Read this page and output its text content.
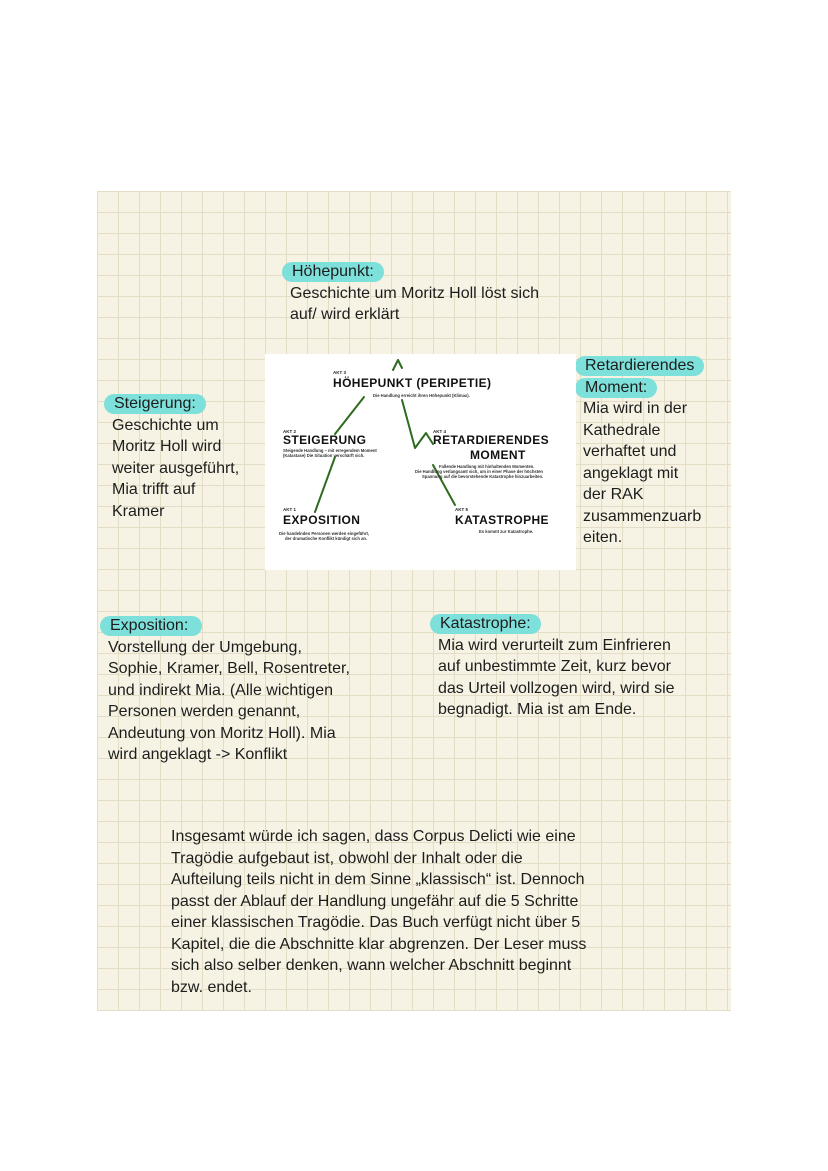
Höhepunkt:
Geschichte um Moritz Holl löst sich
auf/ wird erklärt
Steigerung:
Geschichte um
Moritz Holl wird
weiter ausgeführt,
Mia trifft auf
Kramer
Retardierendes
Moment:
Mia wird in der
Kathedrale
verhaftet und
angeklagt mit
der RAK
zusammenzuarb
eiten.
Exposition:
Vorstellung der Umgebung,
Sophie, Kramer, Bell, Rosentreter,
und indirekt Mia. (Alle wichtigen
Personen werden genannt,
Andeutung von Moritz Holl). Mia
wird angeklagt -> Konflikt
Katastrophe:
Mia wird verurteilt zum Einfrieren
auf unbestimmte Zeit, kurz bevor
das Urteil vollzogen wird, wird sie
begnadigt. Mia ist am Ende.
AKT 3
HÖHEPUNKT (PERIPETIE)
Die Handlung erreicht ihren Höhepunkt (Klimax).
AKT 2
STEIGERUNG
Steigende Handlung – mit erregendem Moment
(Katastase) Die Situation verschärft sich.
AKT 4
RETARDIERENDES
MOMENT
Fallende Handlung mit hinhaltenden Momenten.
Die Handlung verlangsamt sich, um in einer Phase der höchsten
Spannung auf die bevorstehende Katastrophe hinzuarbeiten.
AKT 1
EXPOSITION
Die handelnden Personen werden eingeführt,
der dramatische Konflikt kündigt sich an.
AKT 5
KATASTROPHE
Es kommt zur Katastrophe.
Insgesamt würde ich sagen, dass Corpus Delicti wie eine
Tragödie aufgebaut ist, obwohl der Inhalt oder die
Aufteilung teils nicht in dem Sinne „klassisch“ ist. Dennoch
passt der Ablauf der Handlung ungefähr auf die 5 Schritte
einer klassischen Tragödie. Das Buch verfügt nicht über 5
Kapitel, die die Abschnitte klar abgrenzen. Der Leser muss
sich also selber denken, wann welcher Abschnitt beginnt
bzw. endet.
